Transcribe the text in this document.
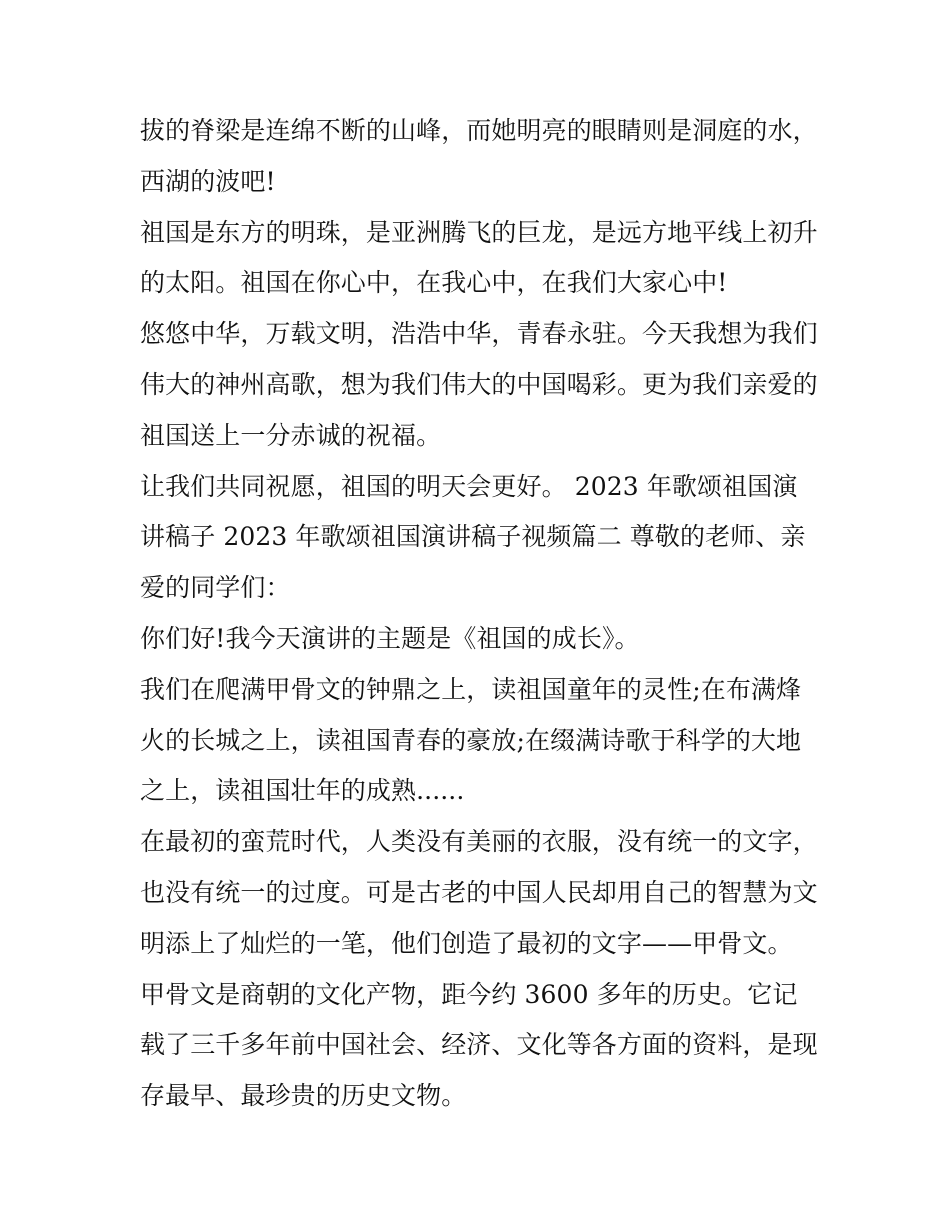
拔的脊梁是连绵不断的山峰，而她明亮的眼睛则是洞庭的水，西湖的波吧!

祖国是东方的明珠，是亚洲腾飞的巨龙，是远方地平线上初升的太阳。祖国在你心中，在我心中，在我们大家心中!

悠悠中华，万载文明，浩浩中华，青春永驻。今天我想为我们伟大的神州高歌，想为我们伟大的中国喝彩。更为我们亲爱的祖国送上一分赤诚的祝福。

让我们共同祝愿，祖国的明天会更好。 2023 年歌颂祖国演讲稿子 2023 年歌颂祖国演讲稿子视频篇二 尊敬的老师、亲爱的同学们：

你们好!我今天演讲的主题是《祖国的成长》。

我们在爬满甲骨文的钟鼎之上，读祖国童年的灵性;在布满烽火的长城之上，读祖国青春的豪放;在缀满诗歌于科学的大地之上，读祖国壮年的成熟......

在最初的蛮荒时代，人类没有美丽的衣服，没有统一的文字，也没有统一的过度。可是古老的中国人民却用自己的智慧为文明添上了灿烂的一笔，他们创造了最初的文字——甲骨文。

甲骨文是商朝的文化产物，距今约 3600 多年的历史。它记载了三千多年前中国社会、经济、文化等各方面的资料，是现存最早、最珍贵的历史文物。
